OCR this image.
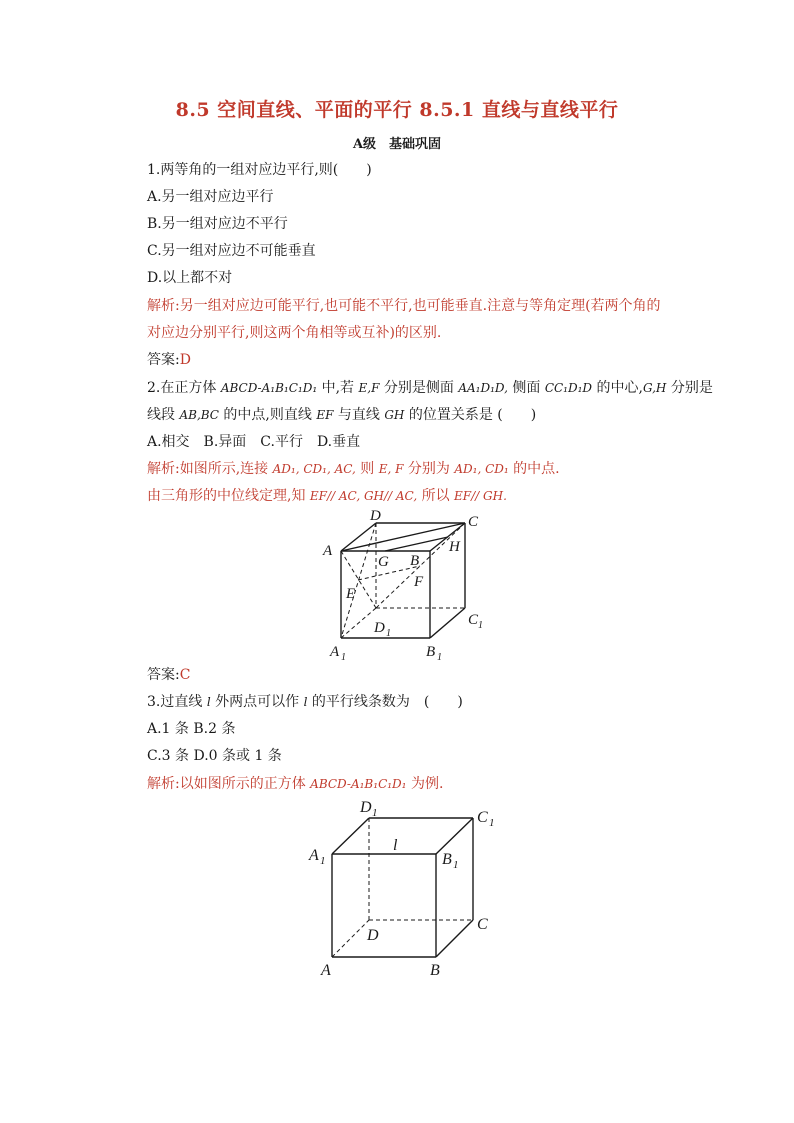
8.5 空间直线、平面的平行 8.5.1 直线与直线平行
A级　基础巩固
1.两等角的一组对应边平行,则(　　)
A.另一组对应边平行
B.另一组对应边不平行
C.另一组对应边不可能垂直
D.以上都不对
解析:另一组对应边可能平行,也可能不平行,也可能垂直.注意与等角定理(若两个角的
对应边分别平行,则这两个角相等或互补)的区别.
答案:D
2.在正方体 ABCD-A₁B₁C₁D₁ 中,若 E,F 分别是侧面 AA₁D₁D, 侧面 CC₁D₁D 的中心,G,H 分别是
线段 AB,BC 的中点,则直线 EF 与直线 GH 的位置关系是 (　　)
A.相交　B.异面　C.平行　D.垂直
解析:如图所示,连接 AD₁, CD₁, AC, 则 E, F 分别为 AD₁, CD₁ 的中点.
由三角形的中位线定理,知 EF// AC, GH// AC, 所以 EF// GH.
D	C
A
G B
H
F
E
D 1
C 1
A 1	B 1
答案:C
3.过直线 l 外两点可以作 l 的平行线条数为　(　　)
A.1 条 B.2 条
C.3 条 D.0 条或 1 条
解析:以如图所示的正方体 ABCD-A₁B₁C₁D₁ 为例.
D 1	C 1
A 1
l
B 1
C
D
A	B
